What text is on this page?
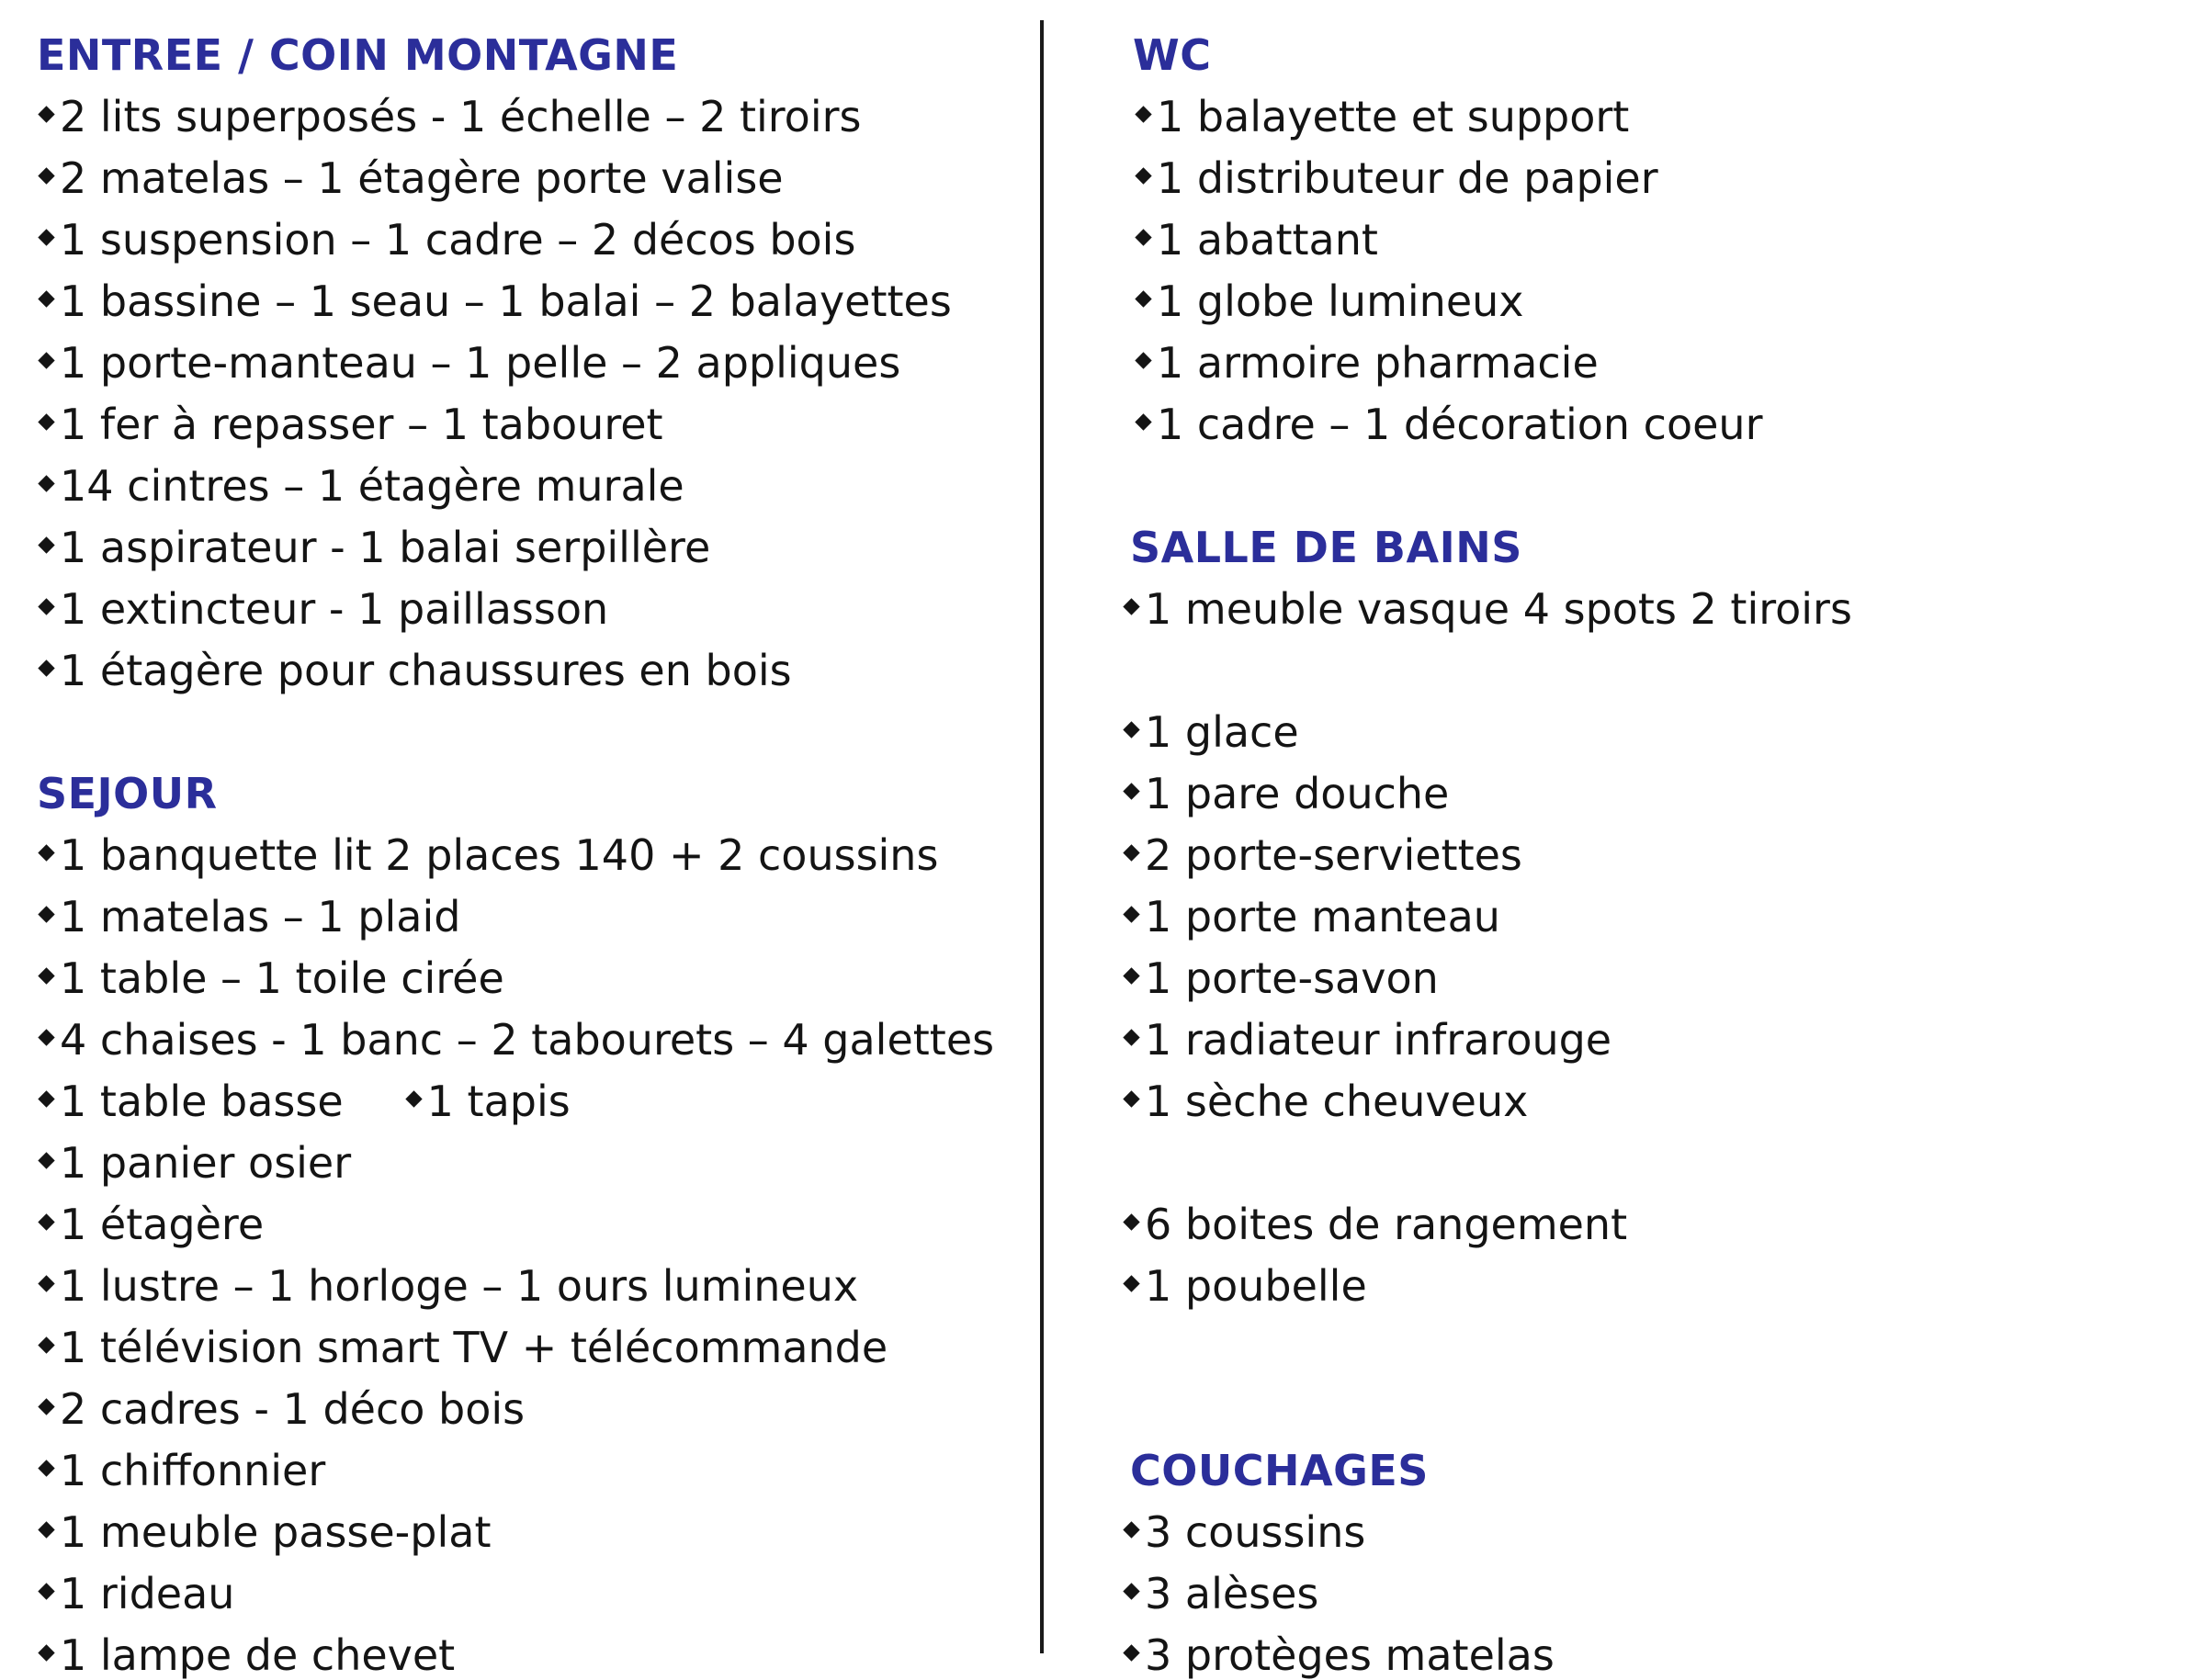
ENTREE / COIN MONTAGNE
2 lits superposés - 1 échelle – 2 tiroirs
2 matelas – 1 étagère porte valise
1 suspension – 1 cadre – 2 décos bois
1 bassine – 1 seau – 1 balai – 2 balayettes
1 porte-manteau – 1 pelle – 2 appliques
1 fer à repasser – 1 tabouret
14 cintres – 1 étagère murale
1 aspirateur - 1 balai serpillère
1 extincteur - 1 paillasson
1 étagère pour chaussures en bois
SEJOUR
1 banquette lit 2 places 140 + 2 coussins
1 matelas – 1 plaid
1 table – 1 toile cirée
4 chaises - 1 banc – 2 tabourets – 4 galettes
1 table basse 1 tapis
1 panier osier
1 étagère
1 lustre – 1 horloge – 1 ours lumineux
1 télévision smart TV + télécommande
2 cadres - 1 déco bois
1 chiffonnier
1 meuble passe-plat
1 rideau
1 lampe de chevet
WC
1 balayette et support
1 distributeur de papier
1 abattant
1 globe lumineux
1 armoire pharmacie
1 cadre – 1 décoration coeur
SALLE DE BAINS
1 meuble vasque 4 spots 2 tiroirs
1 glace
1 pare douche
2 porte-serviettes
1 porte manteau
1 porte-savon
1 radiateur infrarouge
1 sèche cheuveux
6 boites de rangement
1 poubelle
COUCHAGES
3 coussins
3 alèses
3 protèges matelas
